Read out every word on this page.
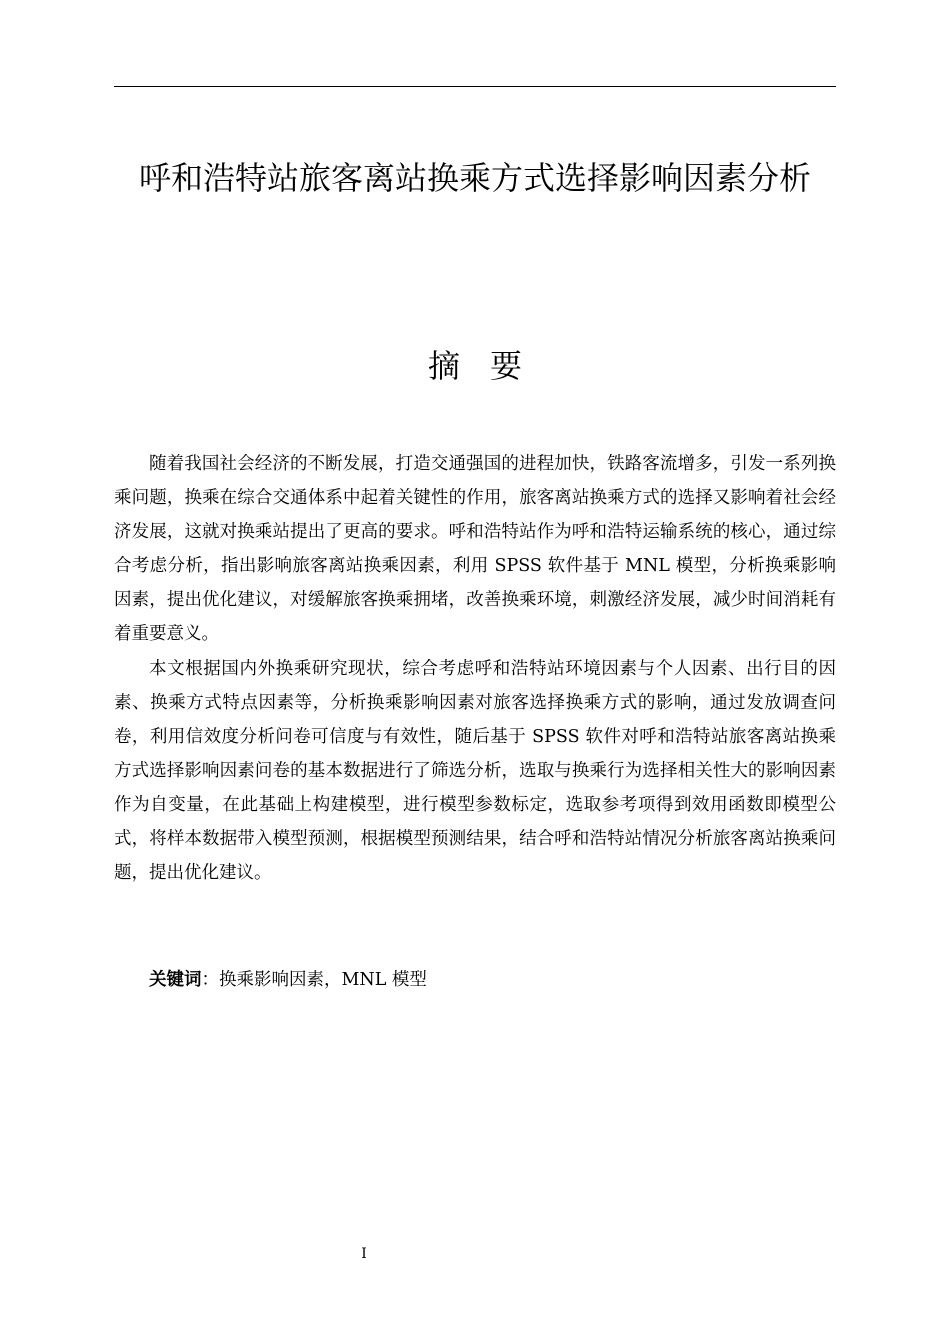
呼和浩特站旅客离站换乘方式选择影响因素分析
摘要

随着我国社会经济的不断发展，打造交通强国的进程加快，铁路客流增多，引发一系列换乘问题，换乘在综合交通体系中起着关键性的作用，旅客离站换乘方式的选择又影响着社会经济发展，这就对换乘站提出了更高的要求。呼和浩特站作为呼和浩特运输系统的核心，通过综合考虑分析，指出影响旅客离站换乘因素，利用 SPSS 软件基于 MNL 模型，分析换乘影响因素，提出优化建议，对缓解旅客换乘拥堵，改善换乘环境，刺激经济发展，减少时间消耗有着重要意义。

本文根据国内外换乘研究现状，综合考虑呼和浩特站环境因素与个人因素、出行目的因素、换乘方式特点因素等，分析换乘影响因素对旅客选择换乘方式的影响，通过发放调查问卷，利用信效度分析问卷可信度与有效性，随后基于 SPSS 软件对呼和浩特站旅客离站换乘方式选择影响因素问卷的基本数据进行了筛选分析，选取与换乘行为选择相关性大的影响因素作为自变量，在此基础上构建模型，进行模型参数标定，选取参考项得到效用函数即模型公式，将样本数据带入模型预测，根据模型预测结果，结合呼和浩特站情况分析旅客离站换乘问题，提出优化建议。

关键词：换乘影响因素，MNL 模型

I
